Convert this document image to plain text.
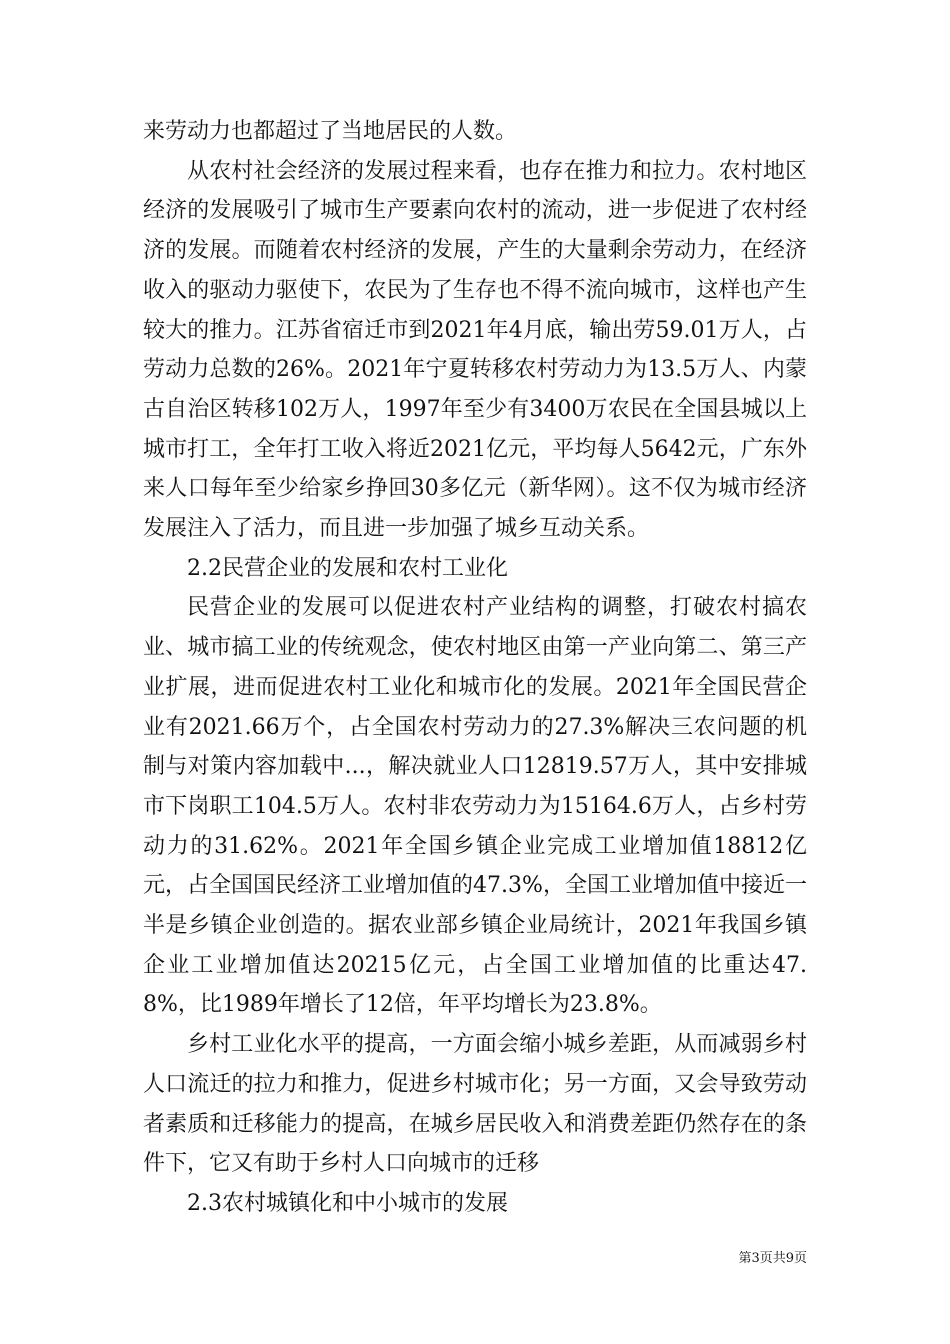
来劳动力也都超过了当地居民的人数。

从农村社会经济的发展过程来看，也存在推力和拉力。农村地区经济的发展吸引了城市生产要素向农村的流动，进一步促进了农村经济的发展。而随着农村经济的发展，产生的大量剩余劳动力，在经济收入的驱动力驱使下，农民为了生存也不得不流向城市，这样也产生较大的推力。江苏省宿迁市到2021年4月底，输出劳59.01万人，占劳动力总数的26%。2021年宁夏转移农村劳动力为13.5万人、内蒙古自治区转移102万人，1997年至少有3400万农民在全国县城以上城市打工，全年打工收入将近2021亿元，平均每人5642元，广东外来人口每年至少给家乡挣回30多亿元（新华网）。这不仅为城市经济发展注入了活力，而且进一步加强了城乡互动关系。

2.2民营企业的发展和农村工业化

民营企业的发展可以促进农村产业结构的调整，打破农村搞农业、城市搞工业的传统观念，使农村地区由第一产业向第二、第三产业扩展，进而促进农村工业化和城市化的发展。2021年全国民营企业有2021.66万个，占全国农村劳动力的27.3%解决三农问题的机制与对策内容加载中...，解决就业人口12819.57万人，其中安排城市下岗职工104.5万人。农村非农劳动力为15164.6万人，占乡村劳动力的31.62%。2021年全国乡镇企业完成工业增加值18812亿元，占全国国民经济工业增加值的47.3%，全国工业增加值中接近一半是乡镇企业创造的。据农业部乡镇企业局统计，2021年我国乡镇企业工业增加值达20215亿元，占全国工业增加值的比重达47.8%，比1989年增长了12倍，年平均增长为23.8%。

乡村工业化水平的提高，一方面会缩小城乡差距，从而减弱乡村人口流迁的拉力和推力，促进乡村城市化；另一方面，又会导致劳动者素质和迁移能力的提高，在城乡居民收入和消费差距仍然存在的条件下，它又有助于乡村人口向城市的迁移

2.3农村城镇化和中小城市的发展

第3页共9页
